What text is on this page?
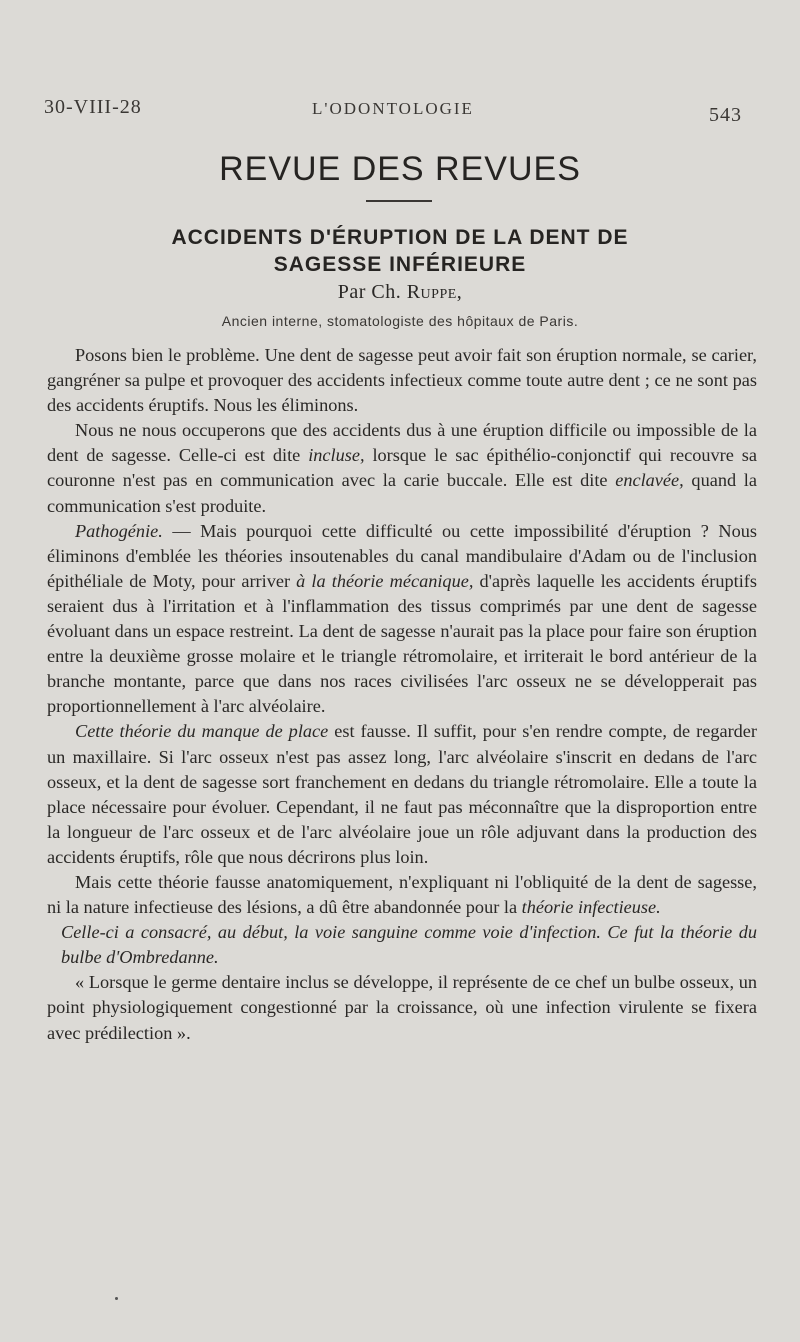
30-VIII-28	L'ODONTOLOGIE	543
REVUE DES REVUES
ACCIDENTS D'ÉRUPTION DE LA DENT DE
SAGESSE INFÉRIEURE
Par Ch. Ruppe,
Ancien interne, stomatologiste des hôpitaux de Paris.

Posons bien le problème. Une dent de sagesse peut avoir fait son éruption normale, se carier, gangréner sa pulpe et provoquer des accidents infectieux comme toute autre dent ; ce ne sont pas des accidents éruptifs. Nous les éliminons.

Nous ne nous occuperons que des accidents dus à une éruption difficile ou impossible de la dent de sagesse. Celle-ci est dite incluse, lorsque le sac épithélio-conjonctif qui recouvre sa couronne n'est pas en communication avec la carie buccale. Elle est dite enclavée, quand la communication s'est produite.

Pathogénie. — Mais pourquoi cette difficulté ou cette impossibilité d'éruption ? Nous éliminons d'emblée les théories insoutenables du canal mandibulaire d'Adam ou de l'inclusion épithéliale de Moty, pour arriver à la théorie mécanique, d'après laquelle les accidents éruptifs seraient dus à l'irritation et à l'inflammation des tissus comprimés par une dent de sagesse évoluant dans un espace restreint. La dent de sagesse n'aurait pas la place pour faire son éruption entre la deuxième grosse molaire et le triangle rétromolaire, et irriterait le bord antérieur de la branche montante, parce que dans nos races civilisées l'arc osseux ne se développerait pas proportionnellement à l'arc alvéolaire.

Cette théorie du manque de place est fausse. Il suffit, pour s'en rendre compte, de regarder un maxillaire. Si l'arc osseux n'est pas assez long, l'arc alvéolaire s'inscrit en dedans de l'arc osseux, et la dent de sagesse sort franchement en dedans du triangle rétromolaire. Elle a toute la place nécessaire pour évoluer. Cependant, il ne faut pas méconnaître que la disproportion entre la longueur de l'arc osseux et de l'arc alvéolaire joue un rôle adjuvant dans la production des accidents éruptifs, rôle que nous décrirons plus loin.

Mais cette théorie fausse anatomiquement, n'expliquant ni l'obliquité de la dent de sagesse, ni la nature infectieuse des lésions, a dû être abandonnée pour la théorie infectieuse.

Celle-ci a consacré, au début, la voie sanguine comme voie d'infection. Ce fut la théorie du bulbe d'Ombredanne.

« Lorsque le germe dentaire inclus se développe, il représente de ce chef un bulbe osseux, un point physiologiquement congestionné par la croissance, où une infection virulente se fixera avec prédilection ».
